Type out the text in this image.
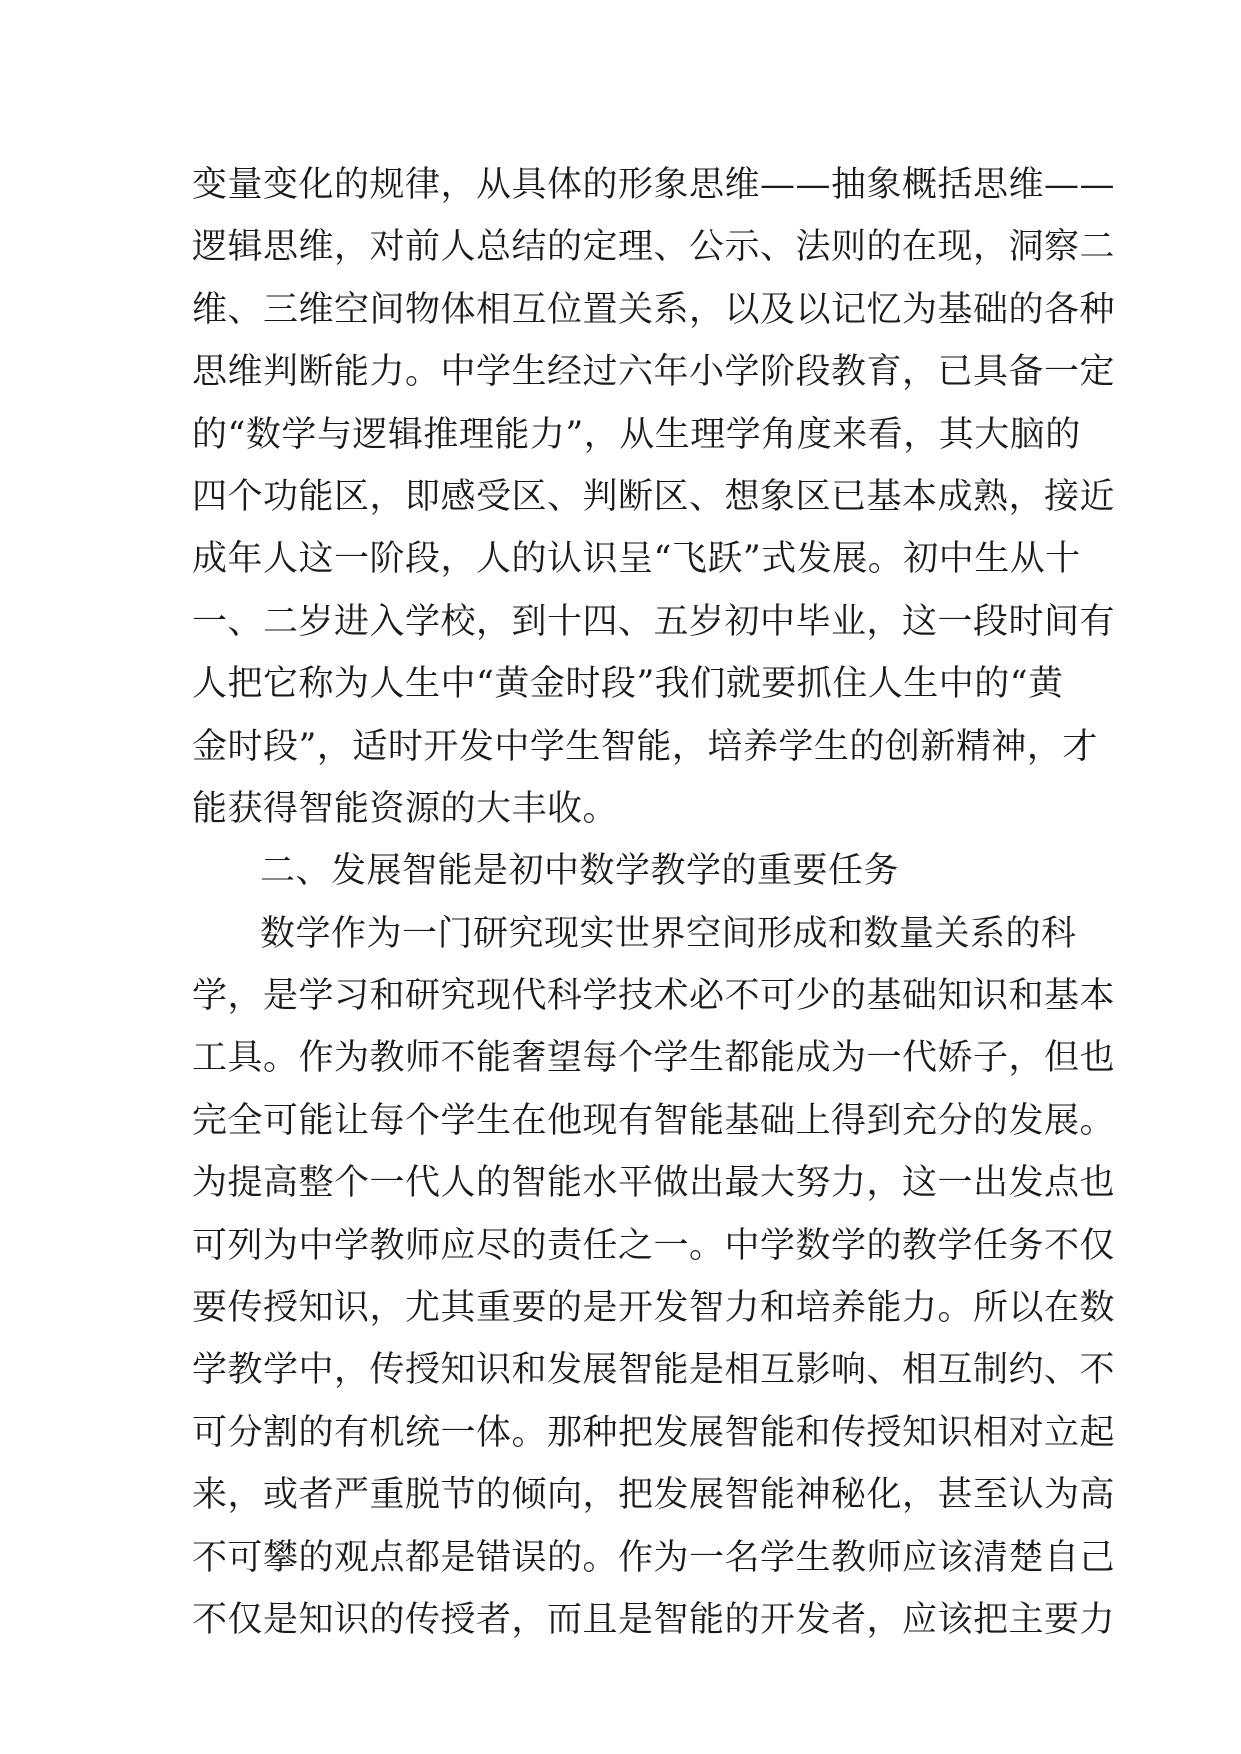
变量变化的规律，从具体的形象思维——抽象概括思维——
逻辑思维，对前人总结的定理、公示、法则的在现，洞察二
维、三维空间物体相互位置关系，以及以记忆为基础的各种
思维判断能力。中学生经过六年小学阶段教育，已具备一定
的“数学与逻辑推理能力”，从生理学角度来看，其大脑的
四个功能区，即感受区、判断区、想象区已基本成熟，接近
成年人这一阶段，人的认识呈“飞跃”式发展。初中生从十
一、二岁进入学校，到十四、五岁初中毕业，这一段时间有
人把它称为人生中“黄金时段”我们就要抓住人生中的“黄
金时段”，适时开发中学生智能，培养学生的创新精神，才
能获得智能资源的大丰收。
二、发展智能是初中数学教学的重要任务
数学作为一门研究现实世界空间形成和数量关系的科
学，是学习和研究现代科学技术必不可少的基础知识和基本
工具。作为教师不能奢望每个学生都能成为一代娇子，但也
完全可能让每个学生在他现有智能基础上得到充分的发展。
为提高整个一代人的智能水平做出最大努力，这一出发点也
可列为中学教师应尽的责任之一。中学数学的教学任务不仅
要传授知识，尤其重要的是开发智力和培养能力。所以在数
学教学中，传授知识和发展智能是相互影响、相互制约、不
可分割的有机统一体。那种把发展智能和传授知识相对立起
来，或者严重脱节的倾向，把发展智能神秘化，甚至认为高
不可攀的观点都是错误的。作为一名学生教师应该清楚自己
不仅是知识的传授者，而且是智能的开发者，应该把主要力
